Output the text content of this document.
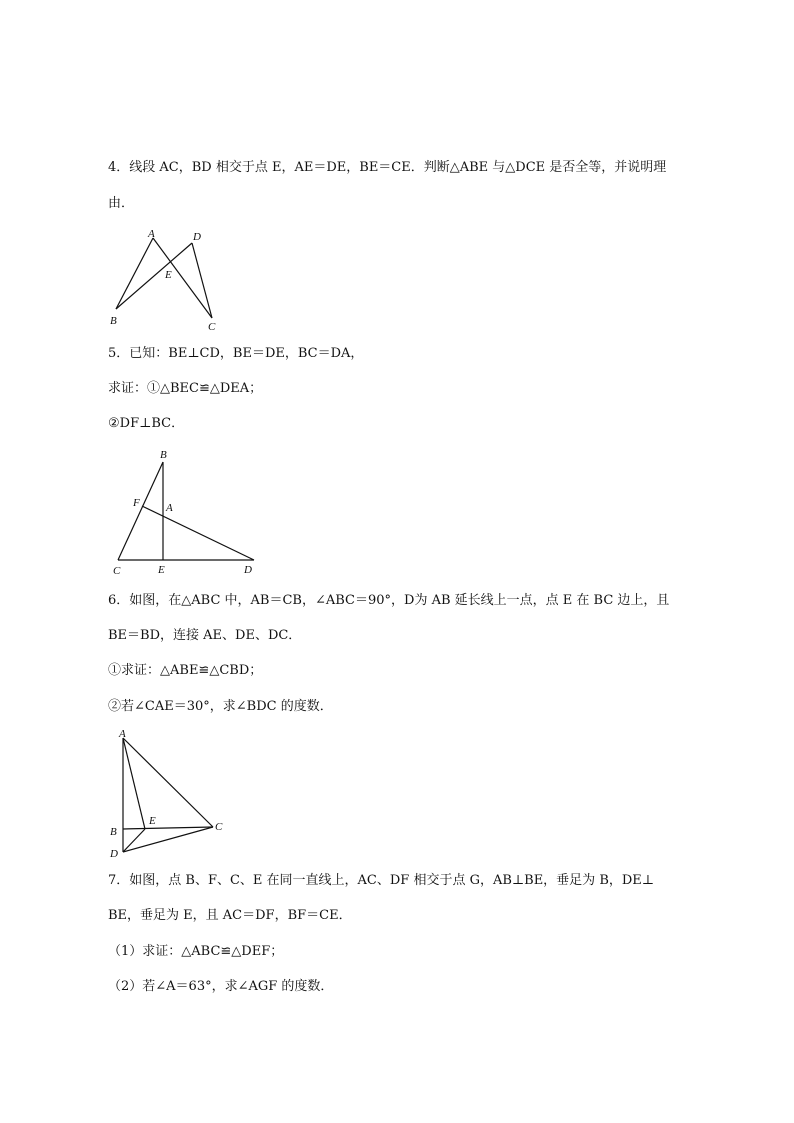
4．线段 AC，BD 相交于点 E，AE＝DE，BE＝CE．判断△ABE 与△DCE 是否全等，并说明理
由．
A	D
E
B	C
5．已知：BE⊥CD，BE＝DE，BC＝DA，
求证：①△BEC≌△DEA；
②DF⊥BC．
B
F A
C	E	D
6．如图，在△ABC 中，AB＝CB，∠ABC＝90°，D为 AB 延长线上一点，点 E 在 BC 边上，且
BE＝BD，连接 AE、DE、DC．
①求证：△ABE≌△CBD；
②若∠CAE＝30°，求∠BDC 的度数．
A
B
E	C
D
7．如图，点 B、F、C、E 在同一直线上，AC、DF 相交于点 G，AB⊥BE，垂足为 B，DE⊥
BE，垂足为 E，且 AC＝DF，BF＝CE．
（1）求证：△ABC≌△DEF；
（2）若∠A＝63°，求∠AGF 的度数．
